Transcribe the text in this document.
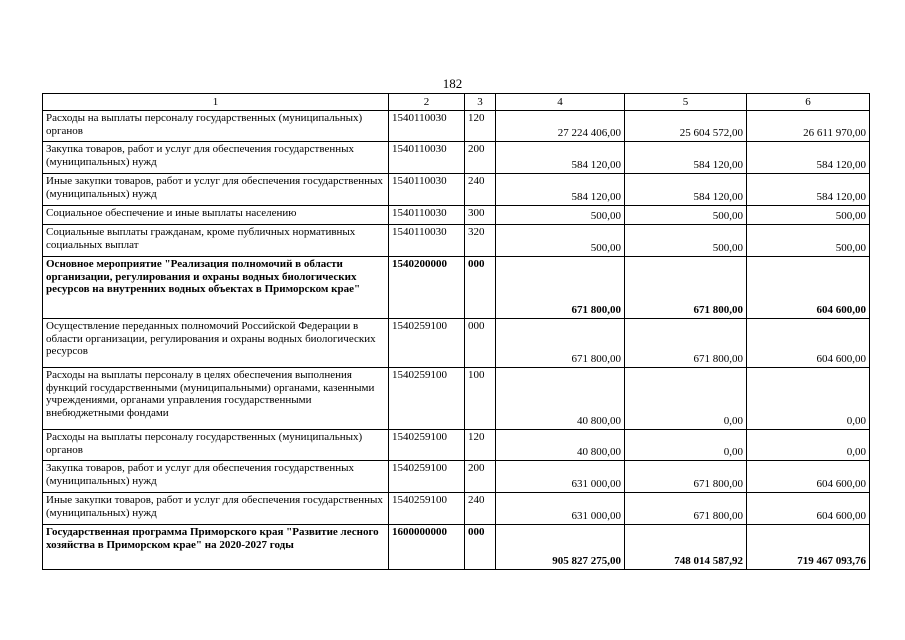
182
1	2	3	4	5	6
Расходы на выплаты персоналу государственных (муниципальных) органов	1540110030	120	27 224 406,00	25 604 572,00	26 611 970,00
Закупка товаров, работ и услуг для обеспечения государственных (муниципальных) нужд	1540110030	200	584 120,00	584 120,00	584 120,00
Иные закупки товаров, работ и услуг для обеспечения государственных (муниципальных) нужд	1540110030	240	584 120,00	584 120,00	584 120,00
Социальное обеспечение и иные выплаты населению	1540110030	300	500,00	500,00	500,00
Социальные выплаты гражданам, кроме публичных нормативных социальных выплат	1540110030	320	500,00	500,00	500,00
Основное мероприятие "Реализация полномочий в области организации, регулирования и охраны водных биологических ресурсов на внутренних водных объектах в Приморском крае"	1540200000	000	671 800,00	671 800,00	604 600,00
Осуществление переданных полномочий Российской Федерации в области организации, регулирования и охраны водных биологических ресурсов	1540259100	000	671 800,00	671 800,00	604 600,00
Расходы на выплаты персоналу в целях обеспечения выполнения функций государственными (муниципальными) органами, казенными учреждениями, органами управления государственными внебюджетными фондами	1540259100	100	40 800,00	0,00	0,00
Расходы на выплаты персоналу государственных (муниципальных) органов	1540259100	120	40 800,00	0,00	0,00
Закупка товаров, работ и услуг для обеспечения государственных (муниципальных) нужд	1540259100	200	631 000,00	671 800,00	604 600,00
Иные закупки товаров, работ и услуг для обеспечения государственных (муниципальных) нужд	1540259100	240	631 000,00	671 800,00	604 600,00
Государственная программа Приморского края "Развитие лесного хозяйства в Приморском крае" на 2020-2027 годы	1600000000	000	905 827 275,00	748 014 587,92	719 467 093,76
